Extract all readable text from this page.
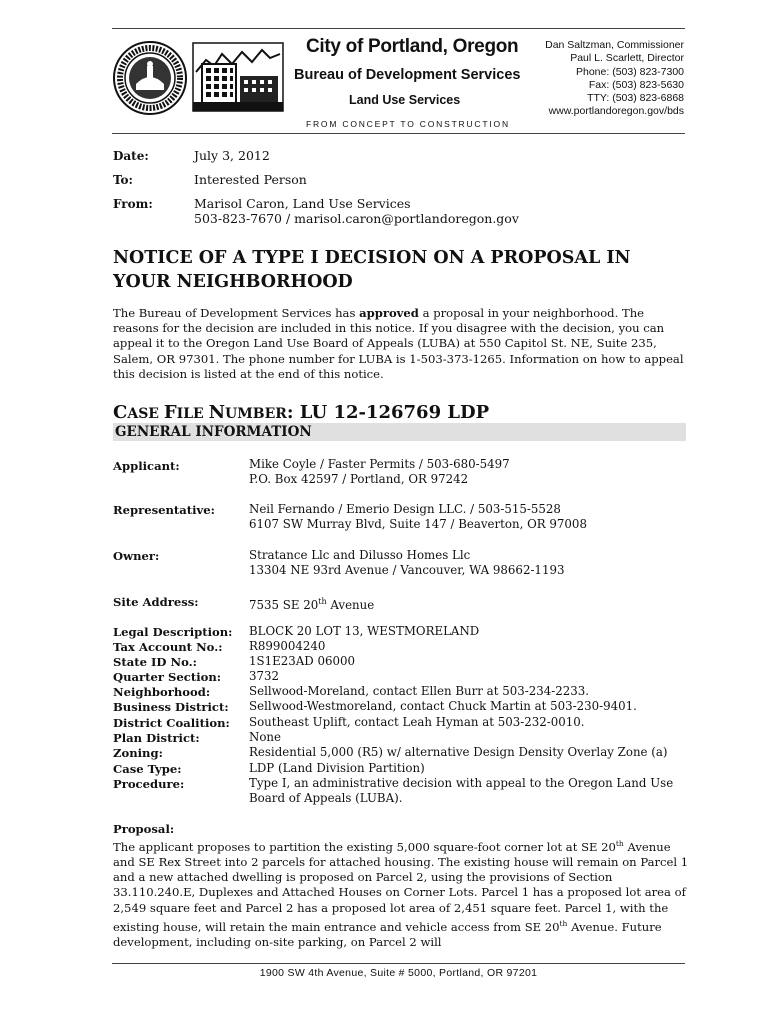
City of Portland, Oregon
Bureau of Development Services
Land Use Services
FROM CONCEPT TO CONSTRUCTION
Dan Saltzman, Commissioner
Paul L. Scarlett, Director
Phone: (503) 823-7300
Fax: (503) 823-5630
TTY: (503) 823-6868
www.portlandoregon.gov/bds
Date:	July 3, 2012
To:	Interested Person
From:	Marisol Caron, Land Use Services
503-823-7670 / marisol.caron@portlandoregon.gov
NOTICE OF A TYPE I DECISION ON A PROPOSAL IN YOUR NEIGHBORHOOD
The Bureau of Development Services has approved a proposal in your neighborhood. The reasons for the decision are included in this notice. If you disagree with the decision, you can appeal it to the Oregon Land Use Board of Appeals (LUBA) at 550 Capitol St. NE, Suite 235, Salem, OR 97301. The phone number for LUBA is 1-503-373-1265. Information on how to appeal this decision is listed at the end of this notice.
CASE FILE NUMBER: LU 12-126769 LDP
GENERAL INFORMATION
Applicant:	Mike Coyle / Faster Permits / 503-680-5497
P.O. Box 42597 / Portland, OR 97242
Representative:	Neil Fernando / Emerio Design LLC. / 503-515-5528
6107 SW Murray Blvd, Suite 147 / Beaverton, OR 97008
Owner:	Stratance Llc and Dilusso Homes Llc
13304 NE 93rd Avenue / Vancouver, WA 98662-1193
Site Address:	7535 SE 20th Avenue
Legal Description: BLOCK 20 LOT 13, WESTMORELAND
Tax Account No.: R899004240
State ID No.:	1S1E23AD 06000
Quarter Section: 3732
Neighborhood:	Sellwood-Moreland, contact Ellen Burr at 503-234-2233.
Business District: Sellwood-Westmoreland, contact Chuck Martin at 503-230-9401.
District Coalition: Southeast Uplift, contact Leah Hyman at 503-232-0010.
Plan District:	None
Zoning:	Residential 5,000 (R5) w/ alternative Design Density Overlay Zone (a)
Case Type:	LDP (Land Division Partition)
Procedure:	Type I, an administrative decision with appeal to the Oregon Land Use
Board of Appeals (LUBA).
Proposal:
The applicant proposes to partition the existing 5,000 square-foot corner lot at SE 20th Avenue and SE Rex Street into 2 parcels for attached housing. The existing house will remain on Parcel 1 and a new attached dwelling is proposed on Parcel 2, using the provisions of Section 33.110.240.E, Duplexes and Attached Houses on Corner Lots. Parcel 1 has a proposed lot area of 2,549 square feet and Parcel 2 has a proposed lot area of 2,451 square feet. Parcel 1, with the existing house, will retain the main entrance and vehicle access from SE 20th Avenue. Future development, including on-site parking, on Parcel 2 will
1900 SW 4th Avenue, Suite # 5000, Portland, OR 97201
